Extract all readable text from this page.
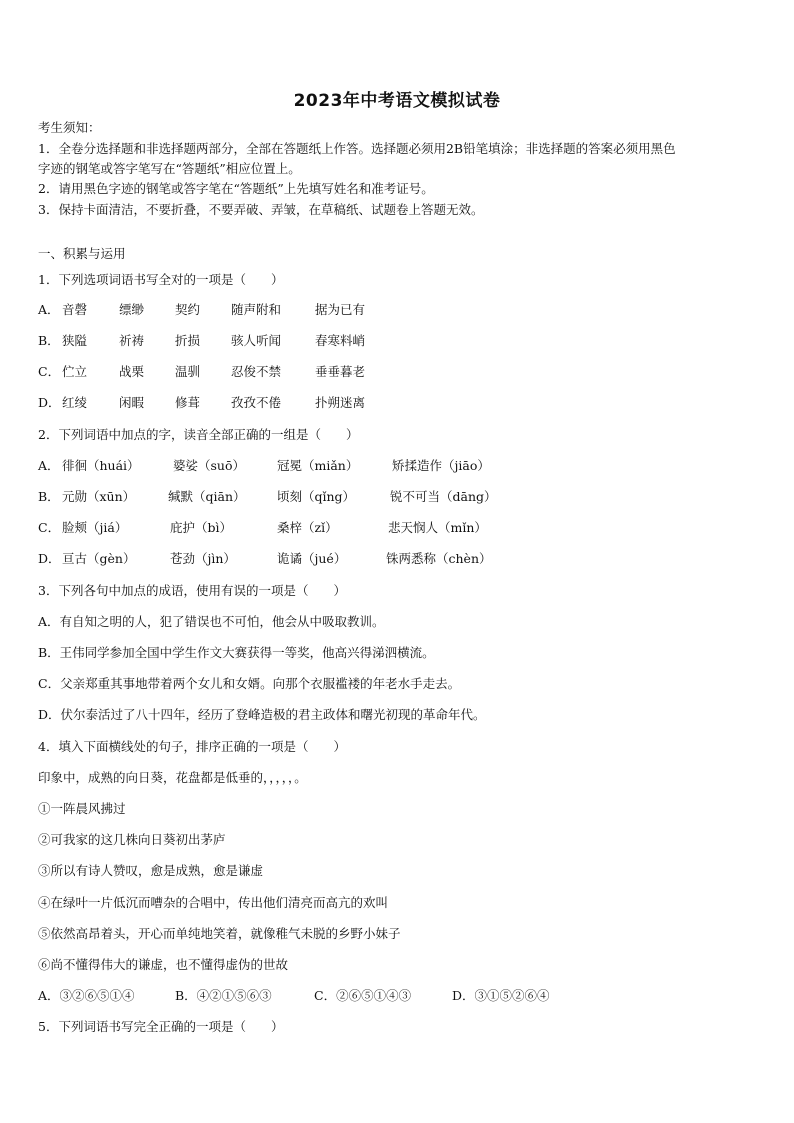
2023年中考语文模拟试卷
考生须知：
1．全卷分选择题和非选择题两部分，全部在答题纸上作答。选择题必须用2B铅笔填涂；非选择题的答案必须用黑色
字迹的钢笔或答字笔写在“答题纸”相应位置上。
2．请用黑色字迹的钢笔或答字笔在“答题纸”上先填写姓名和准考证号。
3．保持卡面清洁，不要折叠，不要弄破、弄皱，在草稿纸、试题卷上答题无效。
一、积累与运用
1．下列选项词语书写全对的一项是（　　）
A． 音磬	缥缈 契约 随声附和	据为已有
B． 狭隘	祈祷 折损 骇人听闻	春寒料峭
C． 伫立	战栗 温驯 忍俊不禁	垂垂暮老
D． 红绫	闲暇 修葺 孜孜不倦	扑朔迷离
2．下列词语中加点的字，读音全部正确的一组是（　　）
A． 徘徊（huái）	婆娑（suō）	冠冕（miǎn）	矫揉造作（jiāo）
B． 元勋（xūn）	缄默（qiān）	顷刻（qǐng）	锐不可当（dāng）
C． 脸颊（jiá）	庇护（bì）	桑梓（zǐ）	悲天悯人（mǐn）
D． 亘古（gèn）	苍劲（jìn）	诡谲（jué）	铢两悉称（chèn）
3．下列各句中加点的成语，使用有误的一项是（　　）
A．有自知之明的人，犯了错误也不可怕，他会从中吸取教训。
B．王伟同学参加全国中学生作文大赛获得一等奖，他高兴得涕泗横流。
C．父亲郑重其事地带着两个女儿和女婿。向那个衣服褴褛的年老水手走去。
D．伏尔泰活过了八十四年，经历了登峰造极的君主政体和曙光初现的革命年代。
4．填入下面横线处的句子，排序正确的一项是（　　）
印象中，成熟的向日葵，花盘都是低垂的，，，，，。
①一阵晨风拂过
②可我家的这几株向日葵初出茅庐
③所以有诗人赞叹，愈是成熟，愈是谦虚
④在绿叶一片低沉而嘈杂的合唱中，传出他们清亮而高亢的欢叫
⑤依然高昂着头，开心而单纯地笑着，就像稚气未脱的乡野小妹子
⑥尚不懂得伟大的谦虚，也不懂得虚伪的世故
A．③②⑥⑤①④	B．④②①⑤⑥③	C．②⑥⑤①④③	D．③①⑤②⑥④
5．下列词语书写完全正确的一项是（　　）
